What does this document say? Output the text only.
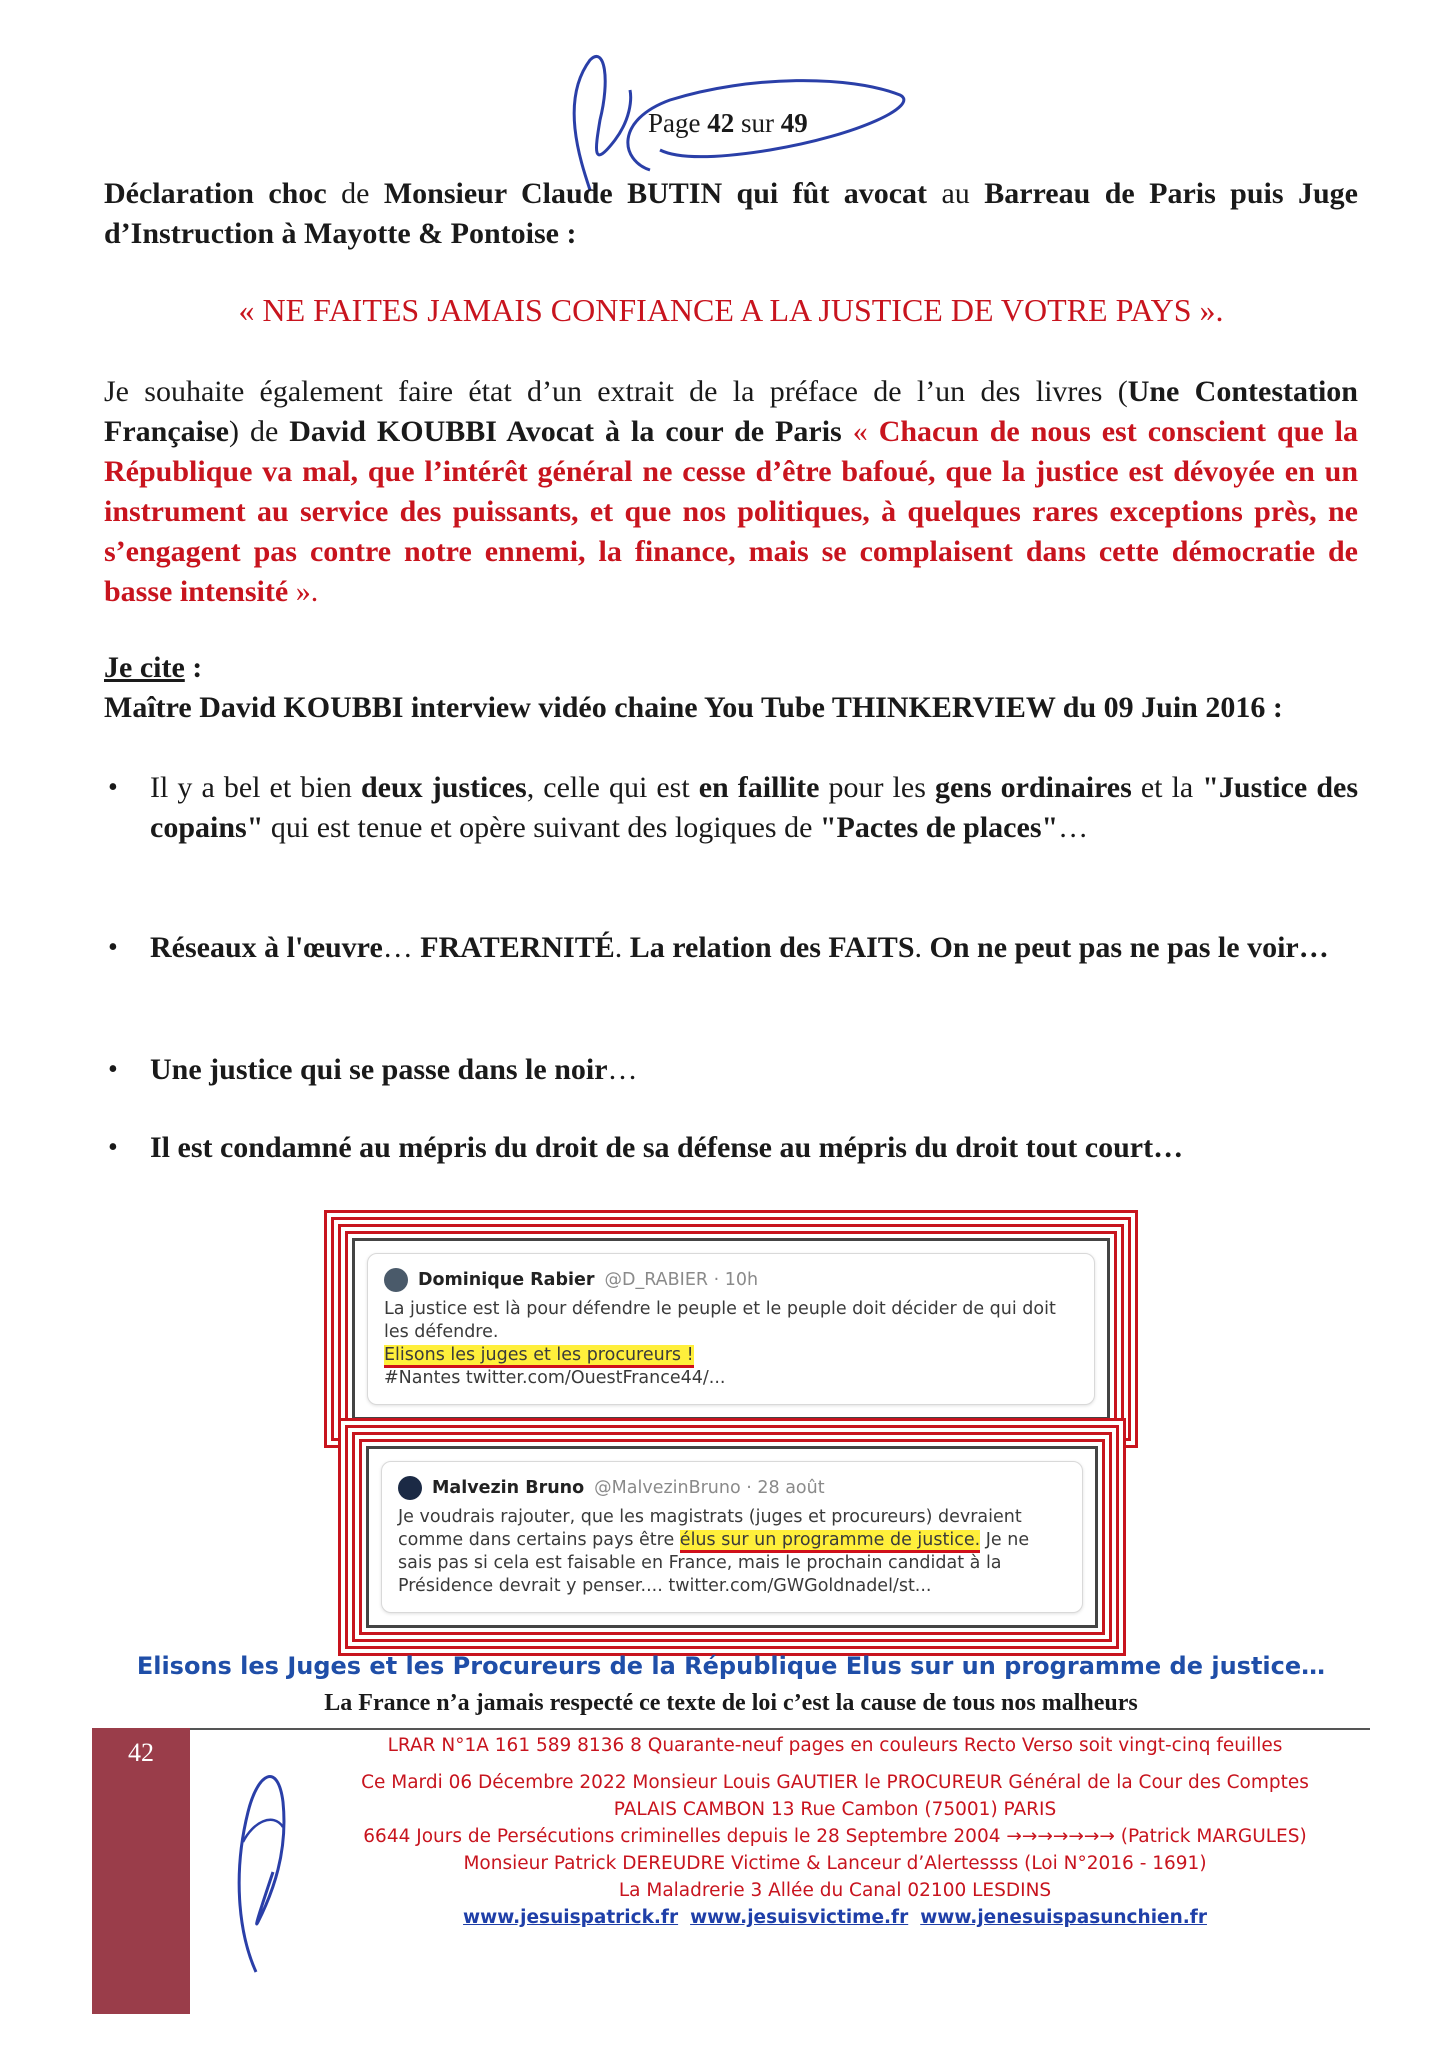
Page 42 sur 49
Déclaration choc de Monsieur Claude BUTIN qui fût avocat au Barreau de Paris puis Juge d’Instruction à Mayotte & Pontoise :
« NE FAITES JAMAIS CONFIANCE A LA JUSTICE DE VOTRE PAYS ».
Je souhaite également faire état d’un extrait de la préface de l’un des livres (Une Contestation Française) de David KOUBBI Avocat à la cour de Paris « Chacun de nous est conscient que la République va mal, que l’intérêt général ne cesse d’être bafoué, que la justice est dévoyée en un instrument au service des puissants, et que nos politiques, à quelques rares exceptions près, ne s’engagent pas contre notre ennemi, la finance, mais se complaisent dans cette démocratie de basse intensité ».
Je cite :
Maître David KOUBBI interview vidéo chaine You Tube THINKERVIEW du 09 Juin 2016 :
• Il y a bel et bien deux justices, celle qui est en faillite pour les gens ordinaires et la "Justice des copains" qui est tenue et opère suivant des logiques de "Pactes de places"…
• Réseaux à l'œuvre… FRATERNITÉ. La relation des FAITS. On ne peut pas ne pas le voir…
• Une justice qui se passe dans le noir…
• Il est condamné au mépris du droit de sa défense au mépris du droit tout court…
Dominique Rabier @D_RABIER · 10h
La justice est là pour défendre le peuple et le peuple doit décider de qui doit les défendre.
Elisons les juges et les procureurs !
#Nantes twitter.com/OuestFrance44/...
Malvezin Bruno @MalvezinBruno · 28 août
Je voudrais rajouter, que les magistrats (juges et procureurs) devraient comme dans certains pays être élus sur un programme de justice. Je ne sais pas si cela est faisable en France, mais le prochain candidat à la Présidence devrait y penser.... twitter.com/GWGoldnadel/st...
Elisons les Juges et les Procureurs de la République Elus sur un programme de justice…
La France n’a jamais respecté ce texte de loi c’est la cause de tous nos malheurs
42	LRAR N°1A 161 589 8136 8 Quarante-neuf pages en couleurs Recto Verso soit vingt-cinq feuilles
Ce Mardi 06 Décembre 2022 Monsieur Louis GAUTIER le PROCUREUR Général de la Cour des Comptes
PALAIS CAMBON 13 Rue Cambon (75001) PARIS
6644 Jours de Persécutions criminelles depuis le 28 Septembre 2004 →→→→→→→ (Patrick MARGULES)
Monsieur Patrick DEREUDRE Victime & Lanceur d’Alertessss (Loi N°2016 - 1691)
La Maladrerie 3 Allée du Canal 02100 LESDINS
www.jesuispatrick.fr www.jesuisvictime.fr www.jenesuispasunchien.fr
